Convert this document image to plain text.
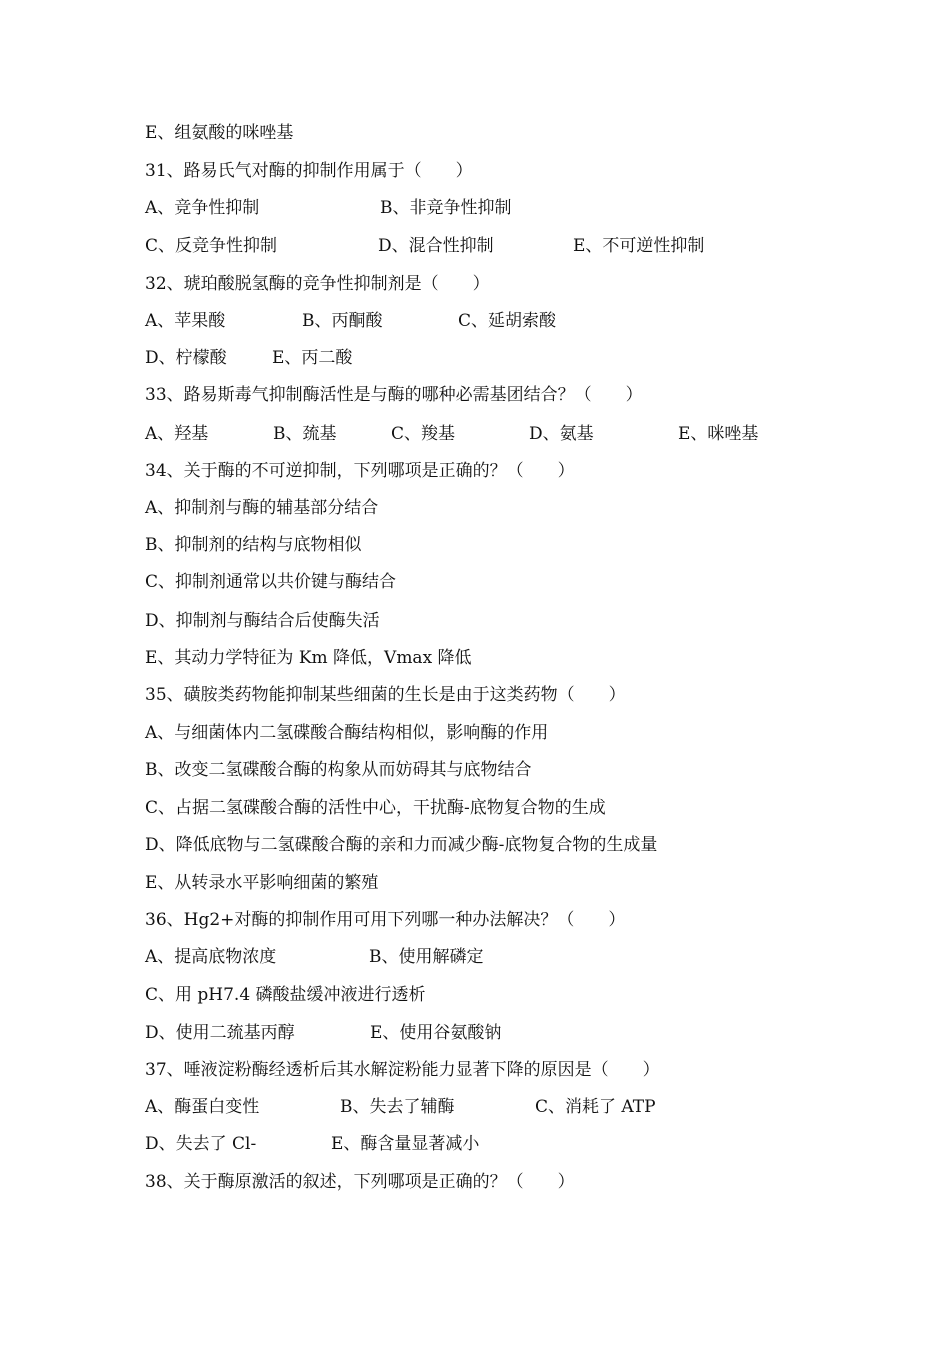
E、组氨酸的咪唑基
31、路易氏气对酶的抑制作用属于（　　）
A、竞争性抑制	B、非竞争性抑制
C、反竞争性抑制	D、混合性抑制	E、不可逆性抑制
32、琥珀酸脱氢酶的竞争性抑制剂是（　　）
A、苹果酸	B、丙酮酸	C、延胡索酸
D、柠檬酸	E、丙二酸
33、路易斯毒气抑制酶活性是与酶的哪种必需基团结合？（　　）
A、羟基	B、巯基	C、羧基	D、氨基	E、咪唑基
34、关于酶的不可逆抑制，下列哪项是正确的？（　　）
A、抑制剂与酶的辅基部分结合
B、抑制剂的结构与底物相似
C、抑制剂通常以共价键与酶结合
D、抑制剂与酶结合后使酶失活
E、其动力学特征为 Km 降低，Vmax 降低
35、磺胺类药物能抑制某些细菌的生长是由于这类药物（　　）
A、与细菌体内二氢碟酸合酶结构相似，影响酶的作用
B、改变二氢碟酸合酶的构象从而妨碍其与底物结合
C、占据二氢碟酸合酶的活性中心，干扰酶-底物复合物的生成
D、降低底物与二氢碟酸合酶的亲和力而减少酶-底物复合物的生成量
E、从转录水平影响细菌的繁殖
36、Hg2+对酶的抑制作用可用下列哪一种办法解决？（　　）
A、提高底物浓度	B、使用解磷定
C、用 pH7.4 磷酸盐缓冲液进行透析
D、使用二巯基丙醇	E、使用谷氨酸钠
37、唾液淀粉酶经透析后其水解淀粉能力显著下降的原因是（　　）
A、酶蛋白变性	B、失去了辅酶	C、消耗了 ATP
D、失去了 Cl-	E、酶含量显著减小
38、关于酶原激活的叙述，下列哪项是正确的？（　　）
